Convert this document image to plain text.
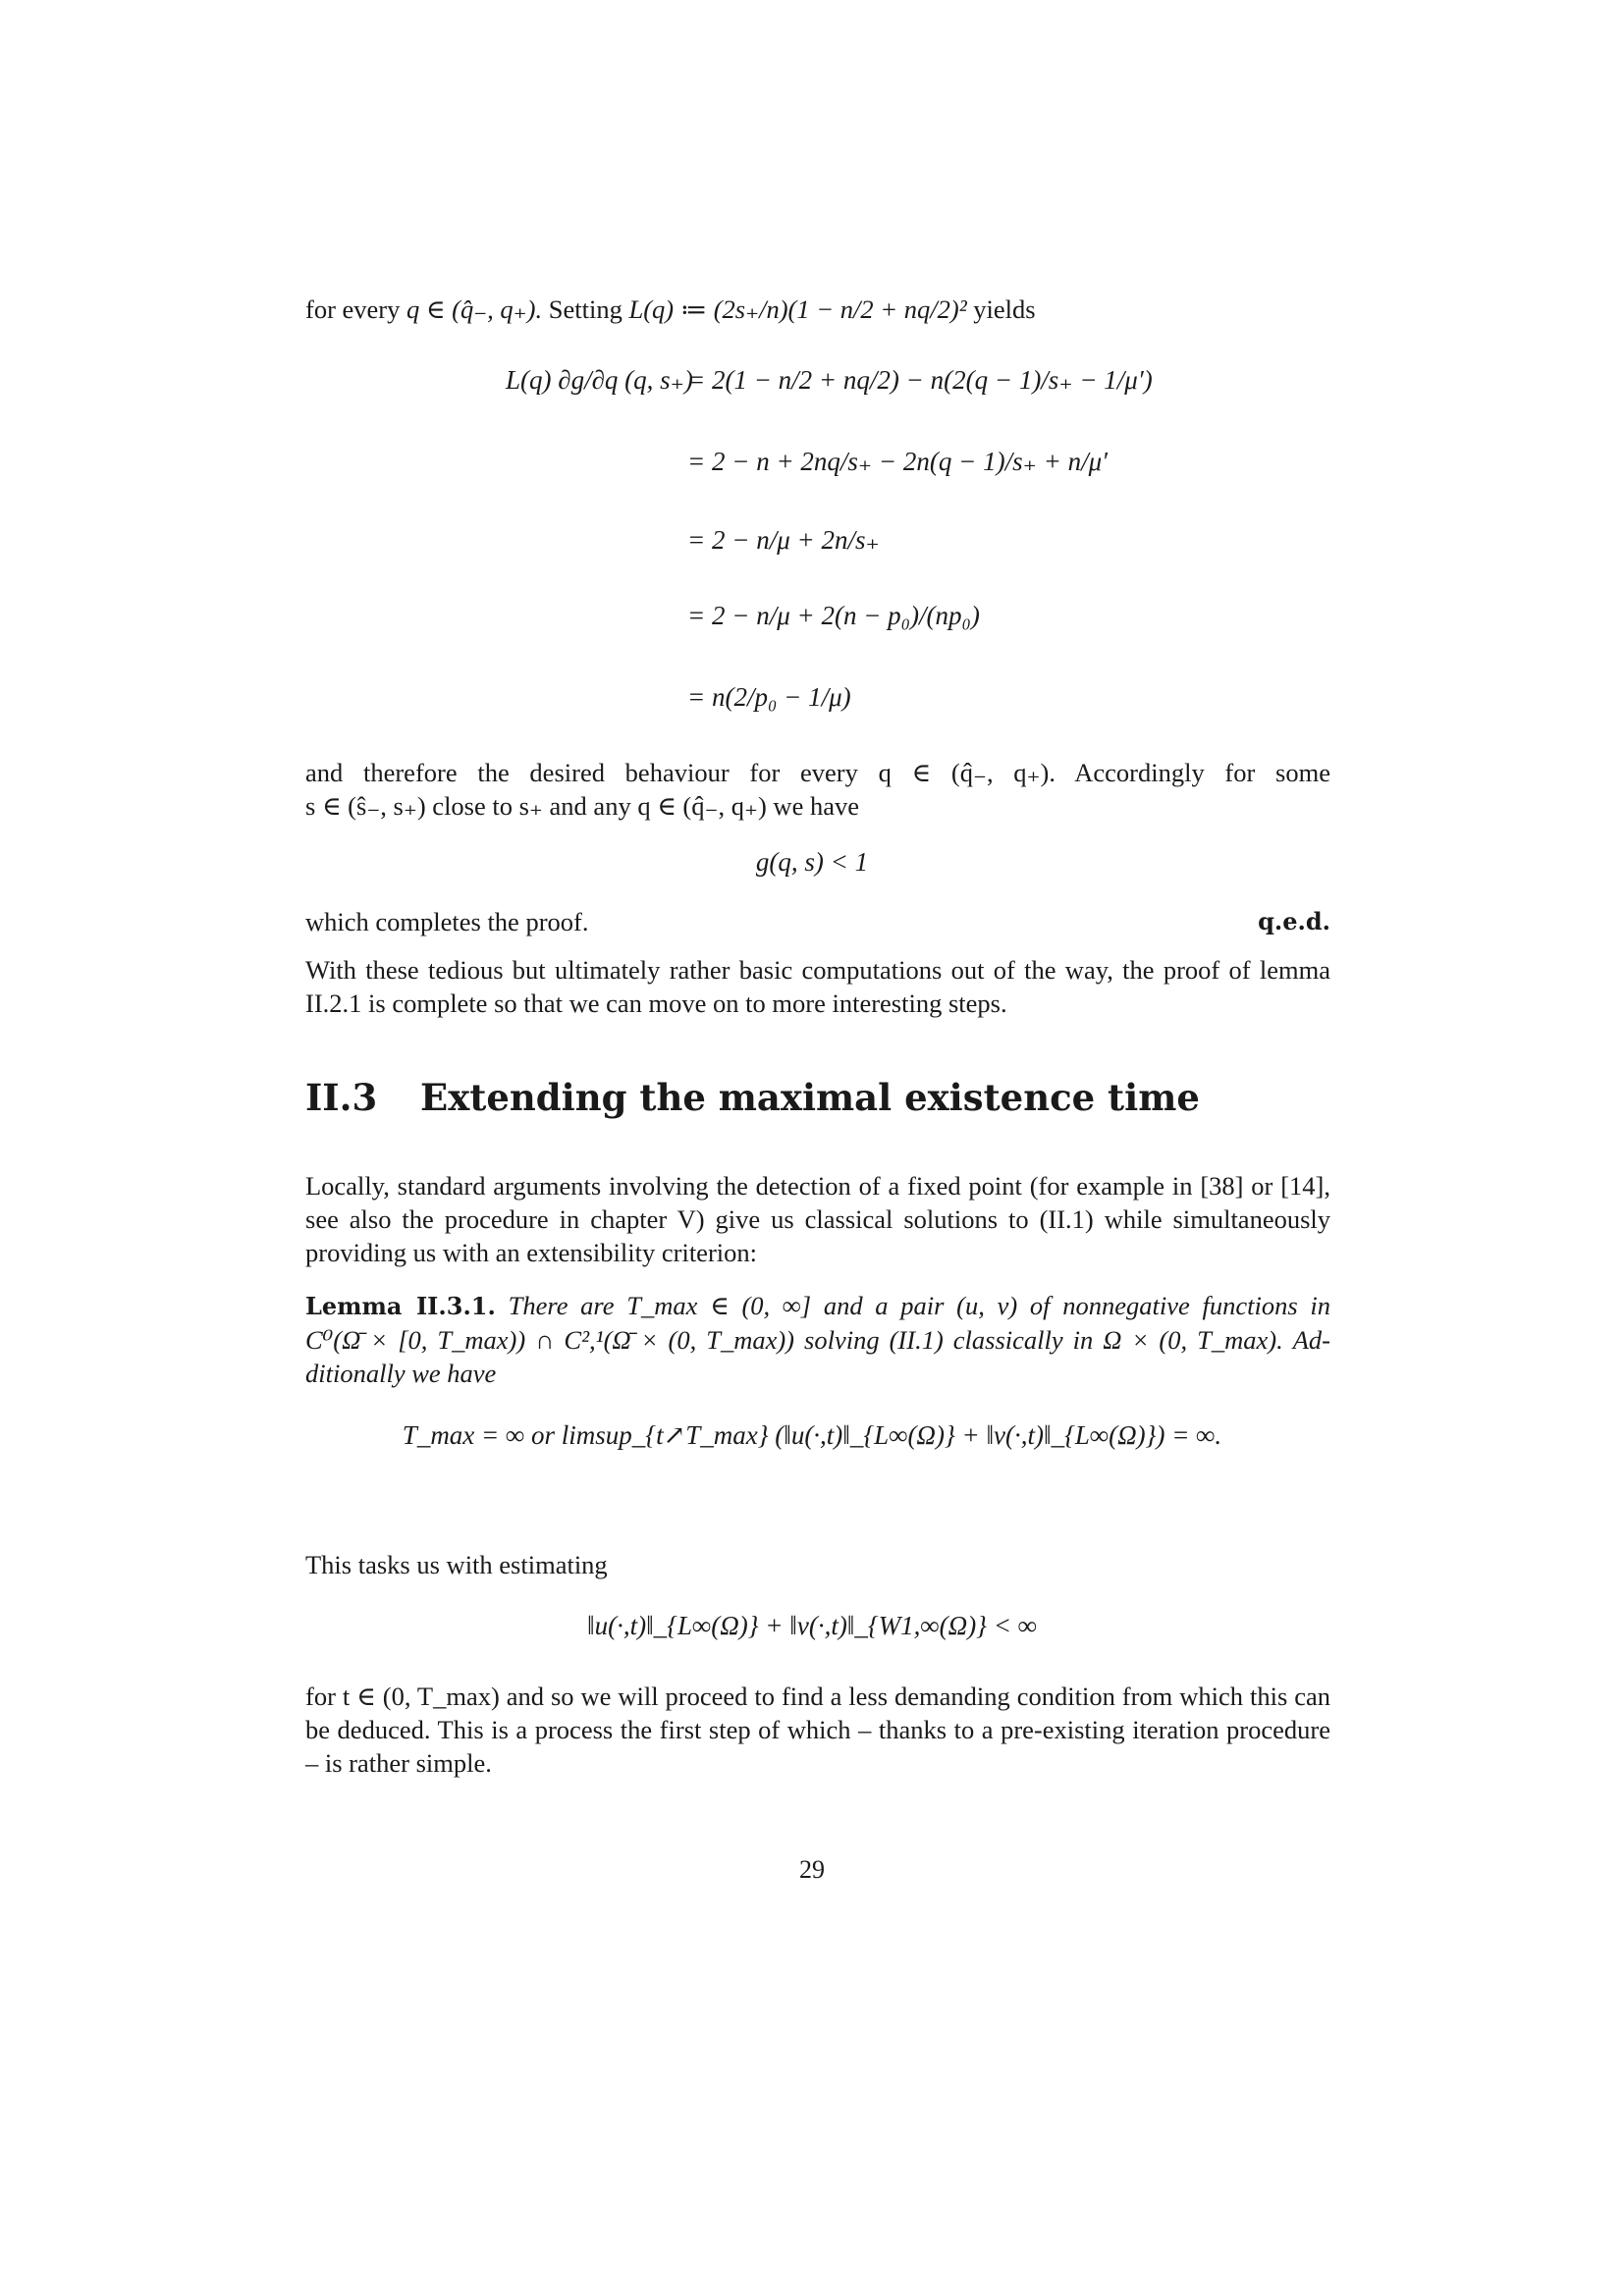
for every q ∈ (q̂₋, q₊). Setting L(q) ≔ (2s₊/n)(1 − n/2 + nq/2)² yields
L(q) ∂g/∂q (q, s₊)
= 2(1 − n/2 + nq/2) − n(2(q − 1)/s₊ − 1/μ′)
= 2 − n + 2nq/s₊ − 2n(q − 1)/s₊ + n/μ′
= 2 − n/μ + 2n/s₊
= 2 − n/μ + 2(n − p₀)/(np₀)
= n(2/p₀ − 1/μ)
and therefore the desired behaviour for every q ∈ (q̂₋, q₊). Accordingly for some
s ∈ (ŝ₋, s₊) close to s₊ and any q ∈ (q̂₋, q₊) we have
g(q, s) < 1
which completes the proof.	q.e.d.
With these tedious but ultimately rather basic computations out of the way, the proof of lemma II.2.1 is complete so that we can move on to more interesting steps.
II.3 Extending the maximal existence time
Locally, standard arguments involving the detection of a fixed point (for example in [38] or [14], see also the procedure in chapter V) give us classical solutions to (II.1) while simultaneously providing us with an extensibility criterion:
Lemma II.3.1. There are T_max ∈ (0, ∞] and a pair (u, v) of nonnegative functions in
C⁰(Ω̄ × [0, T_max)) ∩ C²,¹(Ω̄ × (0, T_max)) solving (II.1) classically in Ω × (0, T_max). Ad-
ditionally we have
T_max = ∞ or limsup_{t↗T_max} (‖u(·,t)‖_{L∞(Ω)} + ‖v(·,t)‖_{L∞(Ω)}) = ∞.
This tasks us with estimating
‖u(·,t)‖_{L∞(Ω)} + ‖v(·,t)‖_{W1,∞(Ω)} < ∞
for t ∈ (0, T_max) and so we will proceed to find a less demanding condition from which this can be deduced. This is a process the first step of which – thanks to a pre-existing iteration procedure – is rather simple.
29
